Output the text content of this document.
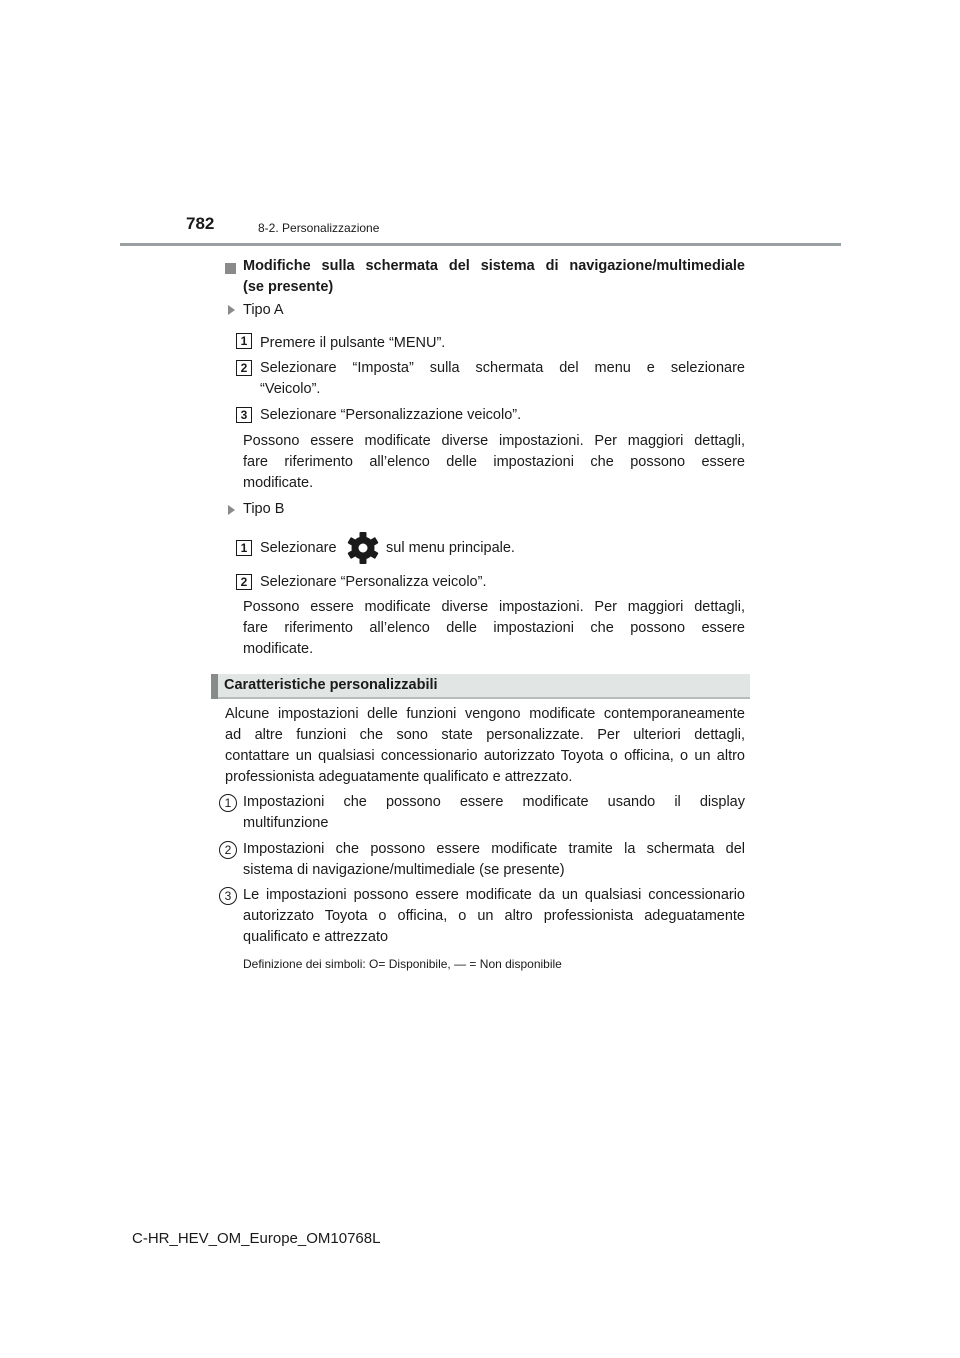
782	8-2. Personalizzazione
Modifiche sulla schermata del sistema di navigazione/multimediale
(se presente)
Tipo A
1 Premere il pulsante “MENU”.
2 Selezionare “Imposta” sulla schermata del menu e selezionare
“Veicolo”.
3 Selezionare “Personalizzazione veicolo”.
Possono essere modificate diverse impostazioni. Per maggiori dettagli,
fare riferimento all’elenco delle impostazioni che possono essere
modificate.
Tipo B
1 Selezionare	sul menu principale.
2 Selezionare “Personalizza veicolo”.
Possono essere modificate diverse impostazioni. Per maggiori dettagli,
fare riferimento all’elenco delle impostazioni che possono essere
modificate.
Caratteristiche personalizzabili
Alcune impostazioni delle funzioni vengono modificate contemporaneamente
ad altre funzioni che sono state personalizzate. Per ulteriori dettagli,
contattare un qualsiasi concessionario autorizzato Toyota o officina, o un altro
professionista adeguatamente qualificato e attrezzato.
1 Impostazioni che possono essere modificate usando il display
multifunzione
2 Impostazioni che possono essere modificate tramite la schermata del
sistema di navigazione/multimediale (se presente)
3 Le impostazioni possono essere modificate da un qualsiasi concessionario
autorizzato Toyota o officina, o un altro professionista adeguatamente
qualificato e attrezzato
Definizione dei simboli: O= Disponibile, — = Non disponibile
C-HR_HEV_OM_Europe_OM10768L
